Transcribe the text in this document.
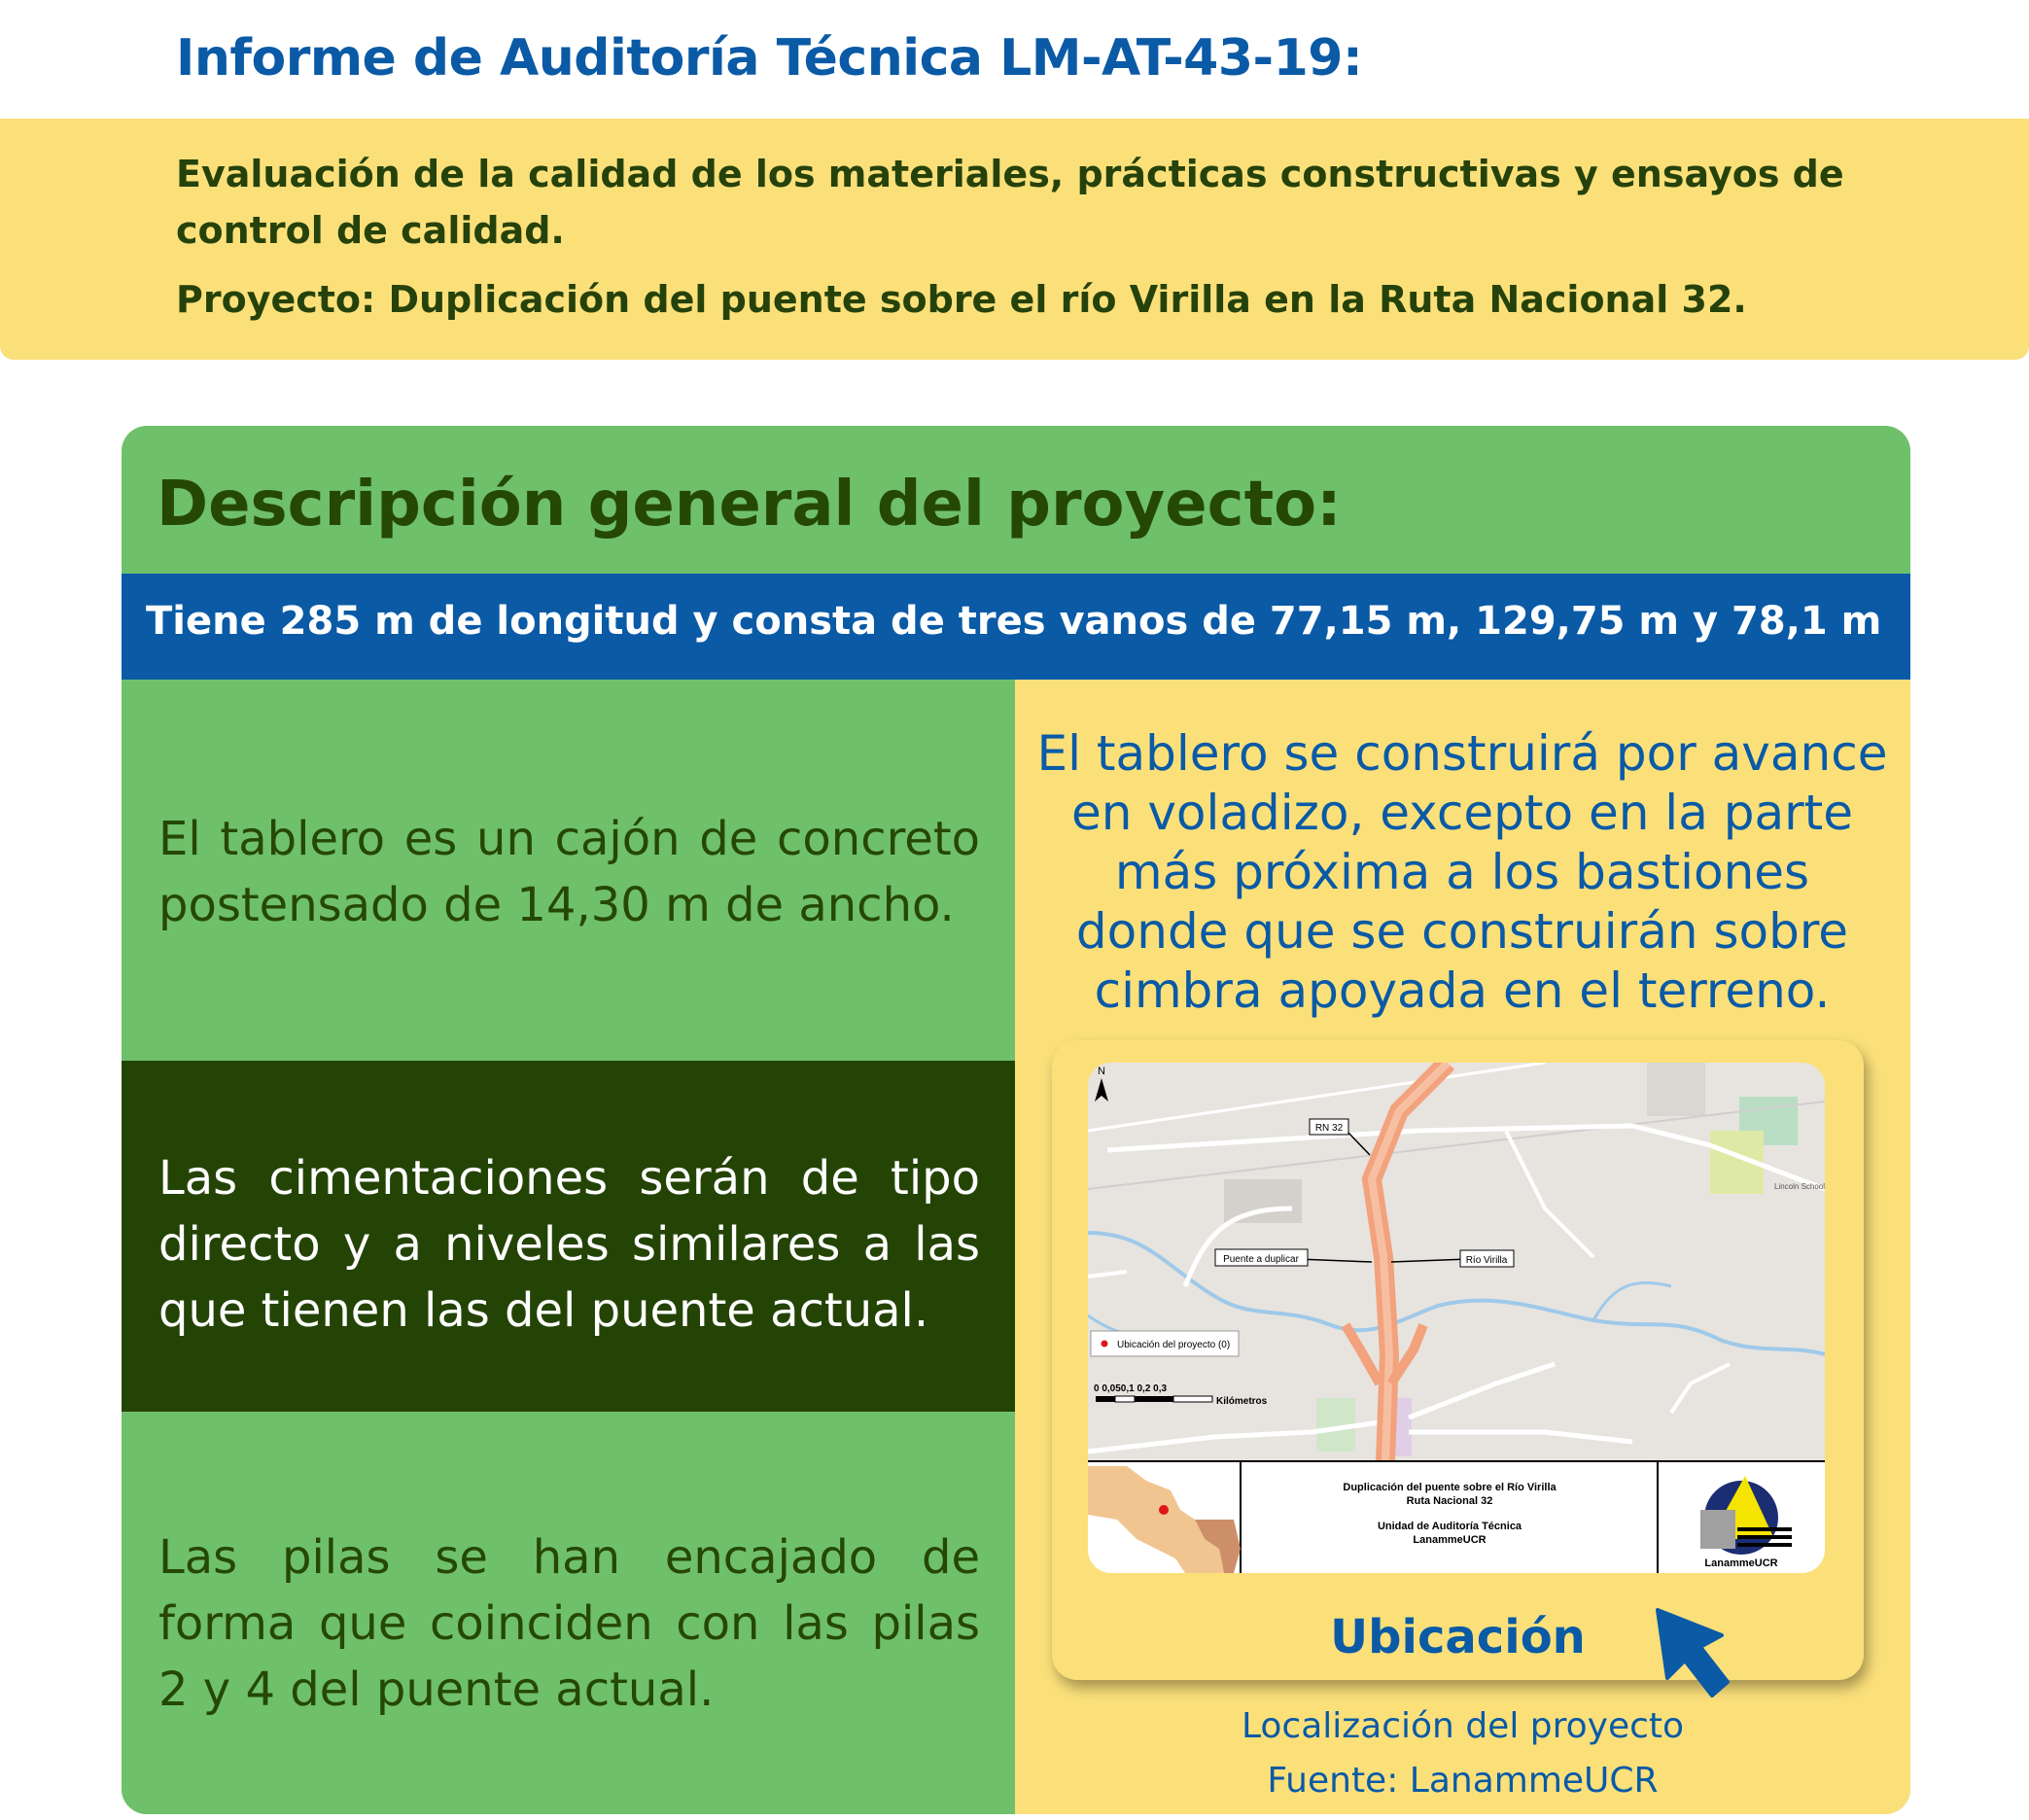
Informe de Auditoría Técnica LM-AT-43-19:
Evaluación de la calidad de los materiales, prácticas constructivas y ensayos de control de calidad.
Proyecto: Duplicación del puente sobre el río Virilla en la Ruta Nacional 32.
Descripción general del proyecto:
Tiene 285 m de longitud y consta de tres vanos de 77,15 m, 129,75 m y 78,1 m

El tablero es un cajón de concreto postensado de 14,30 m de ancho.

Las cimentaciones serán de tipo directo y a niveles similares a las que tienen las del puente actual.

Las pilas se han encajado de forma que coinciden con las pilas 2 y 4 del puente actual.

El tablero se construirá por avance en voladizo, excepto en la parte más próxima a los bastiones donde que se construirán sobre cimbra apoyada en el terreno.
RN 32
Puente a duplicar	Río Virilla
Lincoln School
N
Ubicación del proyecto (0)
0 0,050,1 0,2 0,3
Kilómetros
Duplicación del puente sobre el Río Virilla
Ruta Nacional 32
Unidad de Auditoría Técnica
LanammeUCR
LanammeUCR
Ubicación
Localización del proyecto
Fuente: LanammeUCR
